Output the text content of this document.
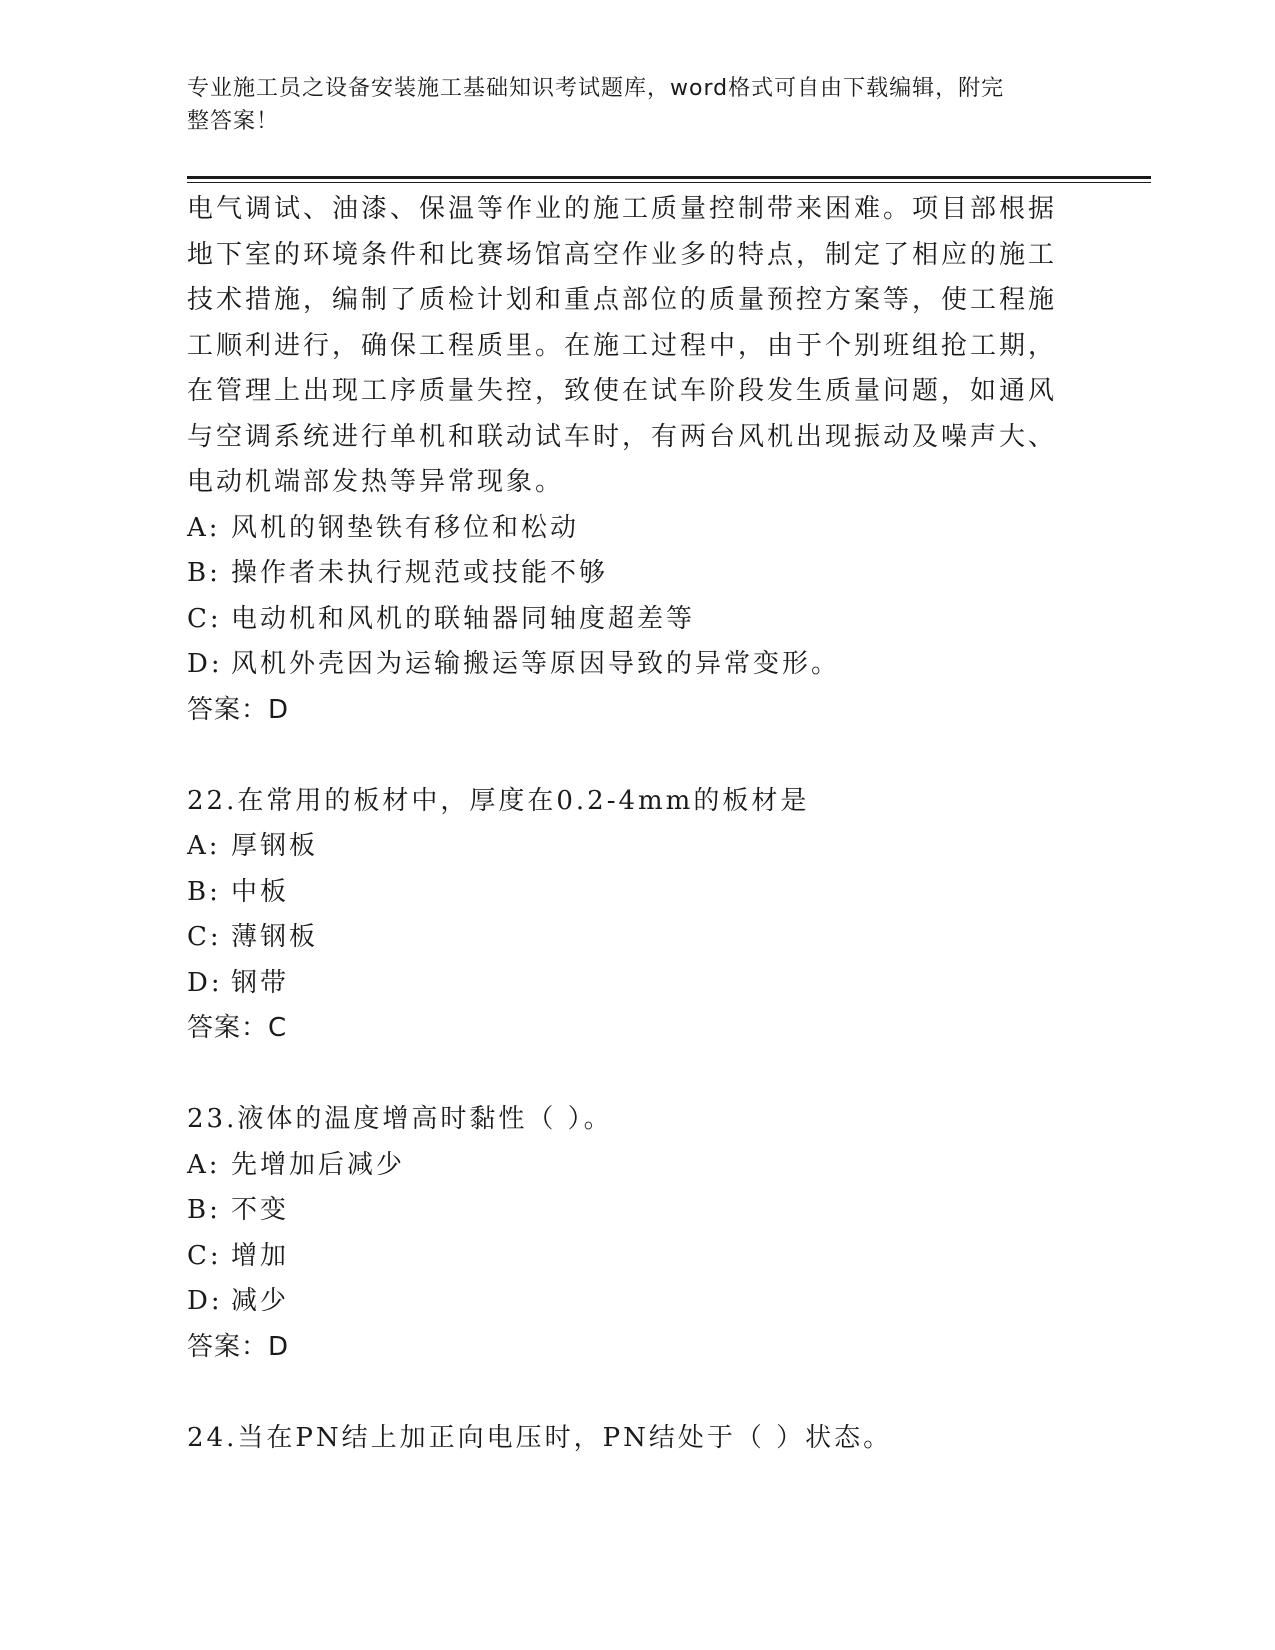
专业施工员之设备安装施工基础知识考试题库，word格式可自由下载编辑，附完
整答案！

电气调试、油漆、保温等作业的施工质量控制带来困难。项目部根据

地下室的环境条件和比赛场馆高空作业多的特点，制定了相应的施工

技术措施，编制了质检计划和重点部位的质量预控方案等，使工程施

工顺利进行，确保工程质里。在施工过程中，由于个别班组抢工期，

在管理上出现工序质量失控，致使在试车阶段发生质量问题，如通风

与空调系统进行单机和联动试车时，有两台风机出现振动及噪声大、

电动机端部发热等异常现象。

A: 风机的钢垫铁有移位和松动

B: 操作者未执行规范或技能不够

C: 电动机和风机的联轴器同轴度超差等

D: 风机外壳因为运输搬运等原因导致的异常变形。

答案：D

22.在常用的板材中，厚度在0.2-4mm的板材是

A: 厚钢板

B: 中板

C: 薄钢板

D: 钢带

答案：C

23.液体的温度增高时黏性（ ）。

A: 先增加后减少

B: 不变

C: 增加

D: 减少

答案：D

24.当在PN结上加正向电压时，PN结处于（ ）状态。
